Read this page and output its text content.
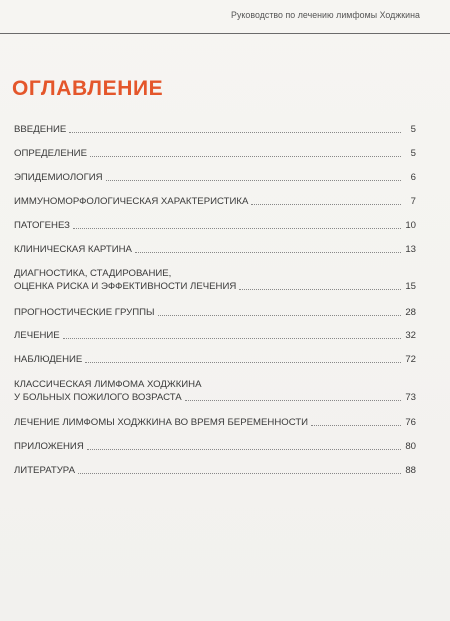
Руководство по лечению лимфомы Ходжкина
ОГЛАВЛЕНИЕ
ВВЕДЕНИЕ	5
ОПРЕДЕЛЕНИЕ	5
ЭПИДЕМИОЛОГИЯ	6
ИММУНОМОРФОЛОГИЧЕСКАЯ ХАРАКТЕРИСТИКА	7
ПАТОГЕНЕЗ	10
КЛИНИЧЕСКАЯ КАРТИНА	13
ДИАГНОСТИКА, СТАДИРОВАНИЕ,
ОЦЕНКА РИСКА И ЭФФЕКТИВНОСТИ ЛЕЧЕНИЯ	15
ПРОГНОСТИЧЕСКИЕ ГРУППЫ	28
ЛЕЧЕНИЕ	32
НАБЛЮДЕНИЕ	72
КЛАССИЧЕСКАЯ ЛИМФОМА ХОДЖКИНА
У БОЛЬНЫХ ПОЖИЛОГО ВОЗРАСТА	73
ЛЕЧЕНИЕ ЛИМФОМЫ ХОДЖКИНА ВО ВРЕМЯ БЕРЕМЕННОСТИ	76
ПРИЛОЖЕНИЯ	80
ЛИТЕРАТУРА	88
